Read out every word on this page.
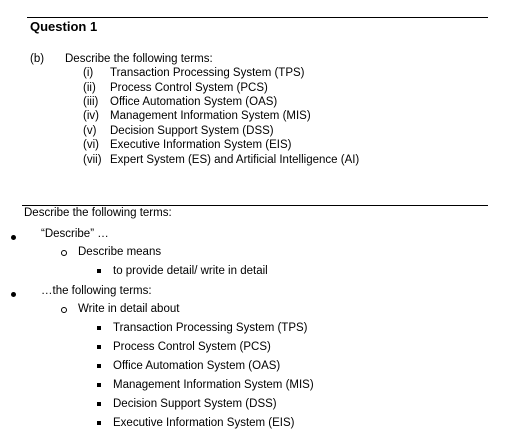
Question 1
(b) Describe the following terms:
(i) Transaction Processing System (TPS)
(ii) Process Control System (PCS)
(iii) Office Automation System (OAS)
(iv) Management Information System (MIS)
(v) Decision Support System (DSS)
(vi) Executive Information System (EIS)
(vii) Expert System (ES) and Artificial Intelligence (AI)
Describe the following terms:
“Describe” …
Describe means
to provide detail/ write in detail
…the following terms:
Write in detail about
Transaction Processing System (TPS)
Process Control System (PCS)
Office Automation System (OAS)
Management Information System (MIS)
Decision Support System (DSS)
Executive Information System (EIS)
